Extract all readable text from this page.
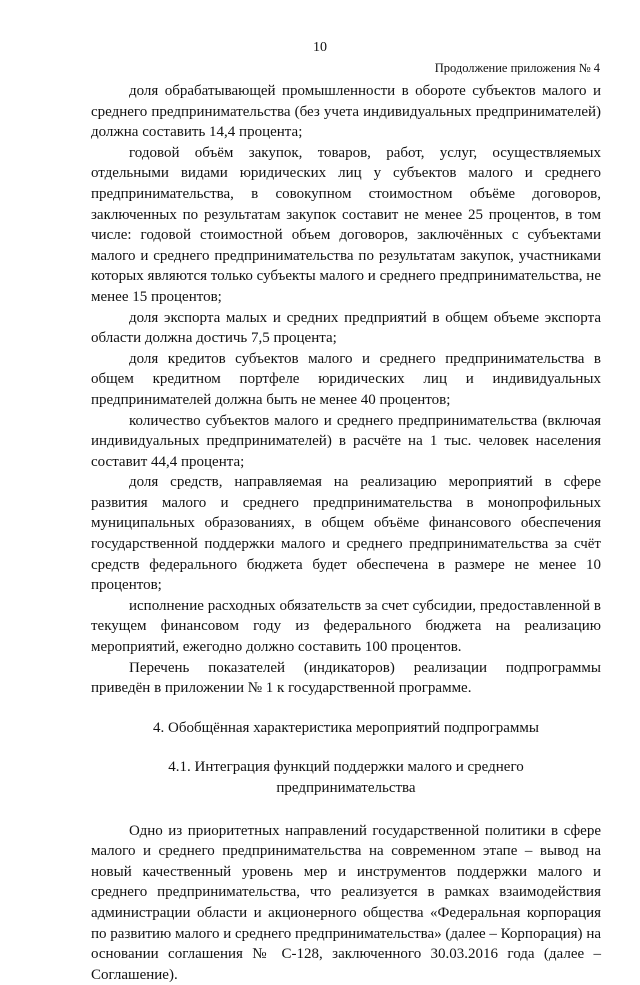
10
Продолжение приложения № 4

доля обрабатывающей промышленности в обороте субъектов малого и среднего предпринимательства (без учета индивидуальных предпринимателей) должна составить 14,4 процента;

годовой объём закупок, товаров, работ, услуг, осуществляемых отдельными видами юридических лиц у субъектов малого и среднего предпринимательства, в совокупном стоимостном объёме договоров, заключенных по результатам закупок составит не менее 25 процентов, в том числе: годовой стоимостной объем договоров, заключённых с субъектами малого и среднего предпринимательства по результатам закупок, участниками которых являются только субъекты малого и среднего предпринимательства, не менее 15 процентов;

доля экспорта малых и средних предприятий в общем объеме экспорта области должна достичь 7,5 процента;

доля кредитов субъектов малого и среднего предпринимательства в общем кредитном портфеле юридических лиц и индивидуальных предпринимателей должна быть не менее 40 процентов;

количество субъектов малого и среднего предпринимательства (включая индивидуальных предпринимателей) в расчёте на 1 тыс. человек населения составит 44,4 процента;

доля средств, направляемая на реализацию мероприятий в сфере развития малого и среднего предпринимательства в монопрофильных муниципальных образованиях, в общем объёме финансового обеспечения государственной поддержки малого и среднего предпринимательства за счёт средств федерального бюджета будет обеспечена в размере не менее 10 процентов;

исполнение расходных обязательств за счет субсидии, предоставленной в текущем финансовом году из федерального бюджета на реализацию мероприятий, ежегодно должно составить 100 процентов.

Перечень показателей (индикаторов) реализации подпрограммы приведён в приложении № 1 к государственной программе.

4. Обобщённая характеристика мероприятий подпрограммы

4.1. Интеграция функций поддержки малого и среднего предпринимательства

Одно из приоритетных направлений государственной политики в сфере малого и среднего предпринимательства на современном этапе – вывод на новый качественный уровень мер и инструментов поддержки малого и среднего предпринимательства, что реализуется в рамках взаимодействия администрации области и акционерного общества «Федеральная корпорация по развитию малого и среднего предпринимательства» (далее – Корпорация) на основании соглашения № С-128, заключенного 30.03.2016 года (далее – Соглашение).
